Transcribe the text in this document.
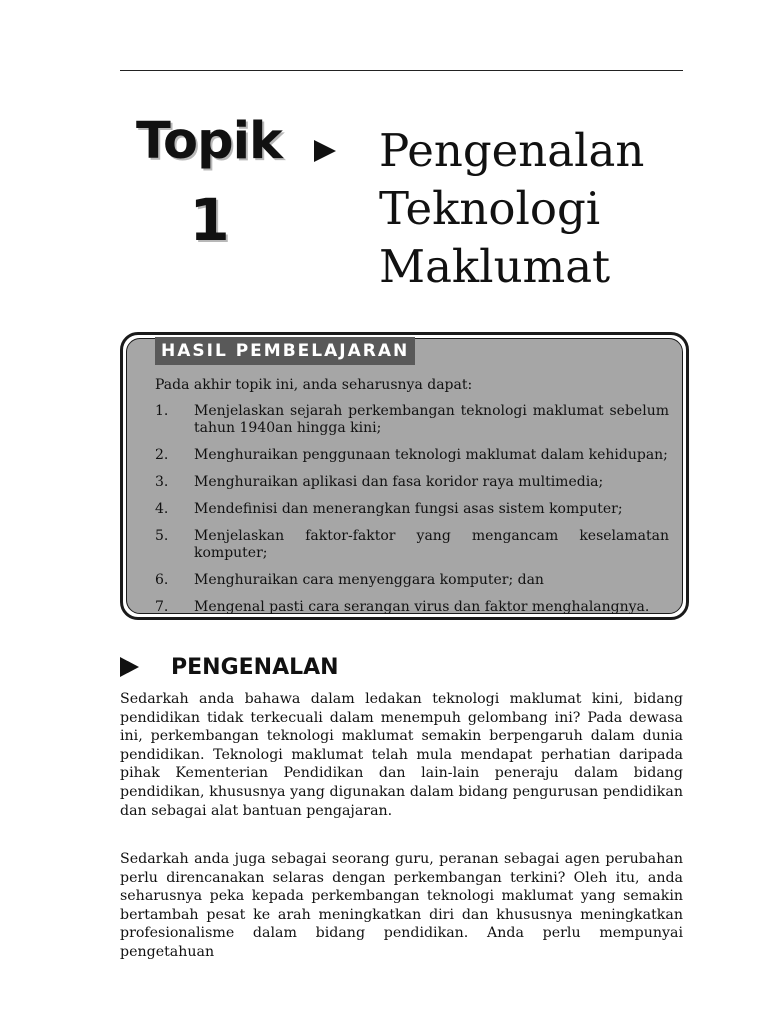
Topik
1
Pengenalan
Teknologi
Maklumat
HASIL PEMBELAJARAN
Pada akhir topik ini, anda seharusnya dapat:
1.	Menjelaskan sejarah perkembangan teknologi maklumat sebelum tahun 1940an hingga kini;
2.	Menghuraikan penggunaan teknologi maklumat dalam kehidupan;
3.	Menghuraikan aplikasi dan fasa koridor raya multimedia;
4.	Mendefinisi dan menerangkan fungsi asas sistem komputer;
5.	Menjelaskan faktor-faktor yang mengancam keselamatan komputer;
6.	Menghuraikan cara menyenggara komputer; dan
7.	Mengenal pasti cara serangan virus dan faktor menghalangnya.
PENGENALAN

Sedarkah anda bahawa dalam ledakan teknologi maklumat kini, bidang pendidikan tidak terkecuali dalam menempuh gelombang ini? Pada dewasa ini, perkembangan teknologi maklumat semakin berpengaruh dalam dunia pendidikan. Teknologi maklumat telah mula mendapat perhatian daripada pihak Kementerian Pendidikan dan lain-lain peneraju dalam bidang pendidikan, khususnya yang digunakan dalam bidang pengurusan pendidikan dan sebagai alat bantuan pengajaran.

Sedarkah anda juga sebagai seorang guru, peranan sebagai agen perubahan perlu direncanakan selaras dengan perkembangan terkini? Oleh itu, anda seharusnya peka kepada perkembangan teknologi maklumat yang semakin bertambah pesat ke arah meningkatkan diri dan khususnya meningkatkan profesionalisme dalam bidang pendidikan. Anda perlu mempunyai pengetahuan
